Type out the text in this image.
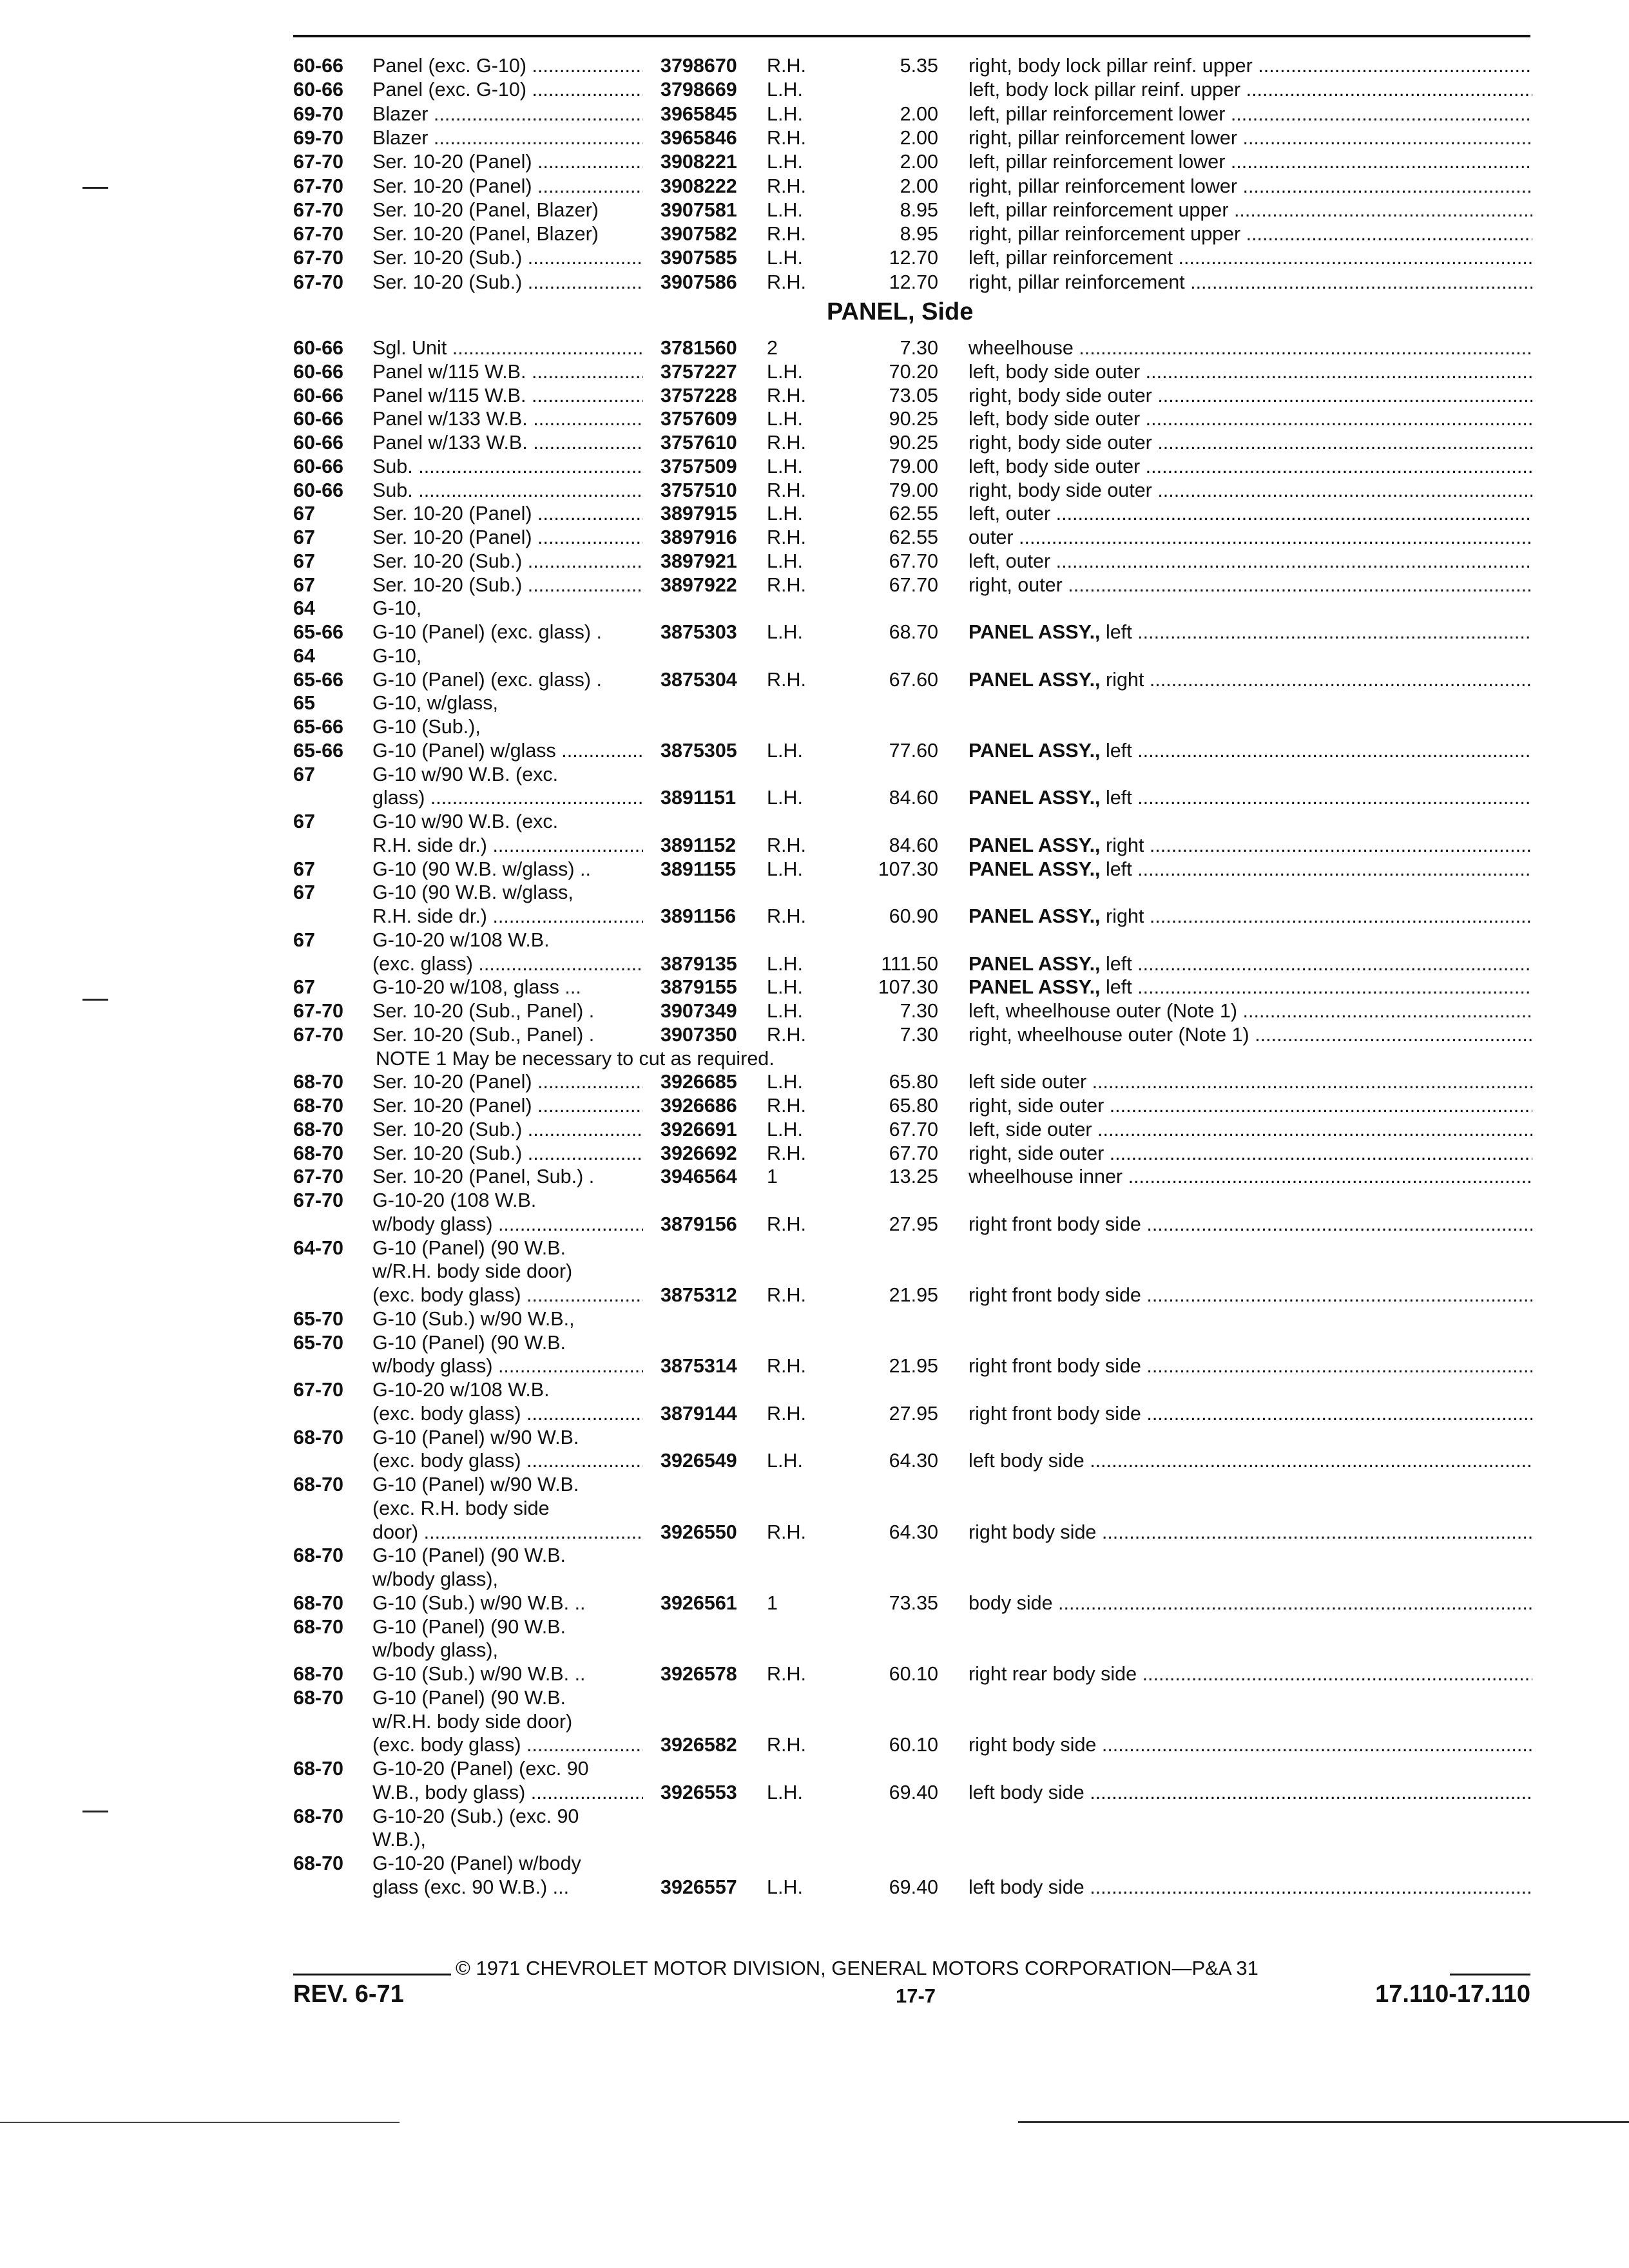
60-66 Panel (exc. G-10) .....	3798670 R.H.	5.35 right, body lock pillar reinf. upper .....
60-66 Panel (exc. G-10) .....	3798669 L.H.	left, body lock pillar reinf. upper .....
69-70 Blazer .....	3965845 L.H.	2.00 left, pillar reinforcement lower .....
69-70 Blazer .....	3965846 R.H.	2.00 right, pillar reinforcement lower .....
67-70 Ser. 10-20 (Panel) .....	3908221 L.H.	2.00 left, pillar reinforcement lower .....
67-70 Ser. 10-20 (Panel) .....	3908222 R.H.	2.00 right, pillar reinforcement lower .....
67-70 Ser. 10-20 (Panel, Blazer)	3907581 L.H.	8.95 left, pillar reinforcement upper .....
67-70 Ser. 10-20 (Panel, Blazer)	3907582 R.H.	8.95 right, pillar reinforcement upper .....
67-70 Ser. 10-20 (Sub.) .....	3907585 L.H.	12.70 left, pillar reinforcement .....
67-70 Ser. 10-20 (Sub.) .....	3907586 R.H.	12.70 right, pillar reinforcement .....
60-66 Sgl. Unit .....	3781560 2	7.30 wheelhouse .....
60-66 Panel w/115 W.B. .....	3757227 L.H.	70.20 left, body side outer .....
60-66 Panel w/115 W.B. .....	3757228 R.H.	73.05 right, body side outer .....
60-66 Panel w/133 W.B. .....	3757609 L.H.	90.25 left, body side outer .....
60-66 Panel w/133 W.B. .....	3757610 R.H.	90.25 right, body side outer .....
60-66 Sub. .....	3757509 L.H.	79.00 left, body side outer .....
60-66 Sub. .....	3757510 R.H.	79.00 right, body side outer .....
67	Ser. 10-20 (Panel) .....	3897915 L.H.	62.55 left, outer .....
67	Ser. 10-20 (Panel) .....	3897916 R.H.	62.55 outer .....
67	Ser. 10-20 (Sub.) .....	3897921 L.H.	67.70 left, outer .....
67	Ser. 10-20 (Sub.) .....	3897922 R.H.	67.70 right, outer .....
64	G-10,
65-66 G-10 (Panel) (exc. glass) .	3875303 L.H.	68.70 PANEL ASSY., left .....
64	G-10,
65-66 G-10 (Panel) (exc. glass) .	3875304 R.H.	67.60 PANEL ASSY., right .....
65	G-10, w/glass,
65-66 G-10 (Sub.),
65-66 G-10 (Panel) w/glass .....	3875305 L.H.	77.60 PANEL ASSY., left .....
67	G-10 w/90 W.B. (exc.
glass) .....	3891151 L.H.	84.60 PANEL ASSY., left .....
67	G-10 w/90 W.B. (exc.
R.H. side dr.) .....	3891152 R.H.	84.60 PANEL ASSY., right .....
67	G-10 (90 W.B. w/glass) ..	3891155 L.H.	107.30 PANEL ASSY., left .....
67	G-10 (90 W.B. w/glass,
R.H. side dr.) .....	3891156 R.H.	60.90 PANEL ASSY., right .....
67	G-10-20 w/108 W.B.
(exc. glass) .....	3879135 L.H.	111.50 PANEL ASSY., left .....
67	G-10-20 w/108, glass ...	3879155 L.H.	107.30 PANEL ASSY., left .....
67-70 Ser. 10-20 (Sub., Panel) .	3907349 L.H.	7.30 left, wheelhouse outer (Note 1) .....
67-70 Ser. 10-20 (Sub., Panel) .	3907350 R.H.	7.30 right, wheelhouse outer (Note 1) .....
NOTE 1 May be necessary to cut as required.
68-70 Ser. 10-20 (Panel) .....	3926685 L.H.	65.80 left side outer .....
68-70 Ser. 10-20 (Panel) .....	3926686 R.H.	65.80 right, side outer .....
68-70 Ser. 10-20 (Sub.) .....	3926691 L.H.	67.70 left, side outer .....
68-70 Ser. 10-20 (Sub.) .....	3926692 R.H.	67.70 right, side outer .....
67-70 Ser. 10-20 (Panel, Sub.) .	3946564 1	13.25 wheelhouse inner .....
67-70 G-10-20 (108 W.B.
w/body glass) .....	3879156 R.H.	27.95 right front body side .....
64-70 G-10 (Panel) (90 W.B.
w/R.H. body side door)
(exc. body glass) .....	3875312 R.H.	21.95 right front body side .....
65-70 G-10 (Sub.) w/90 W.B.,
65-70 G-10 (Panel) (90 W.B.
w/body glass) .....	3875314 R.H.	21.95 right front body side .....
67-70 G-10-20 w/108 W.B.
(exc. body glass) .....	3879144 R.H.	27.95 right front body side .....
68-70 G-10 (Panel) w/90 W.B.
(exc. body glass) .....	3926549 L.H.	64.30 left body side .....
68-70 G-10 (Panel) w/90 W.B.
(exc. R.H. body side
door) .....	3926550 R.H.	64.30 right body side .....
68-70 G-10 (Panel) (90 W.B.
w/body glass),
68-70 G-10 (Sub.) w/90 W.B. ..	3926561 1	73.35 body side .....
68-70 G-10 (Panel) (90 W.B.
w/body glass),
68-70 G-10 (Sub.) w/90 W.B. ..	3926578 R.H.	60.10 right rear body side .....
68-70 G-10 (Panel) (90 W.B.
w/R.H. body side door)
(exc. body glass) .....	3926582 R.H.	60.10 right body side .....
68-70 G-10-20 (Panel) (exc. 90
W.B., body glass) .....	3926553 L.H.	69.40 left body side .....
68-70 G-10-20 (Sub.) (exc. 90
W.B.),
68-70 G-10-20 (Panel) w/body
glass (exc. 90 W.B.) ...	3926557 L.H.	69.40 left body side .....
PANEL, Side
© 1971 CHEVROLET MOTOR DIVISION, GENERAL MOTORS CORPORATION—P&A 31
REV. 6-71	17-7	17.110-17.110
